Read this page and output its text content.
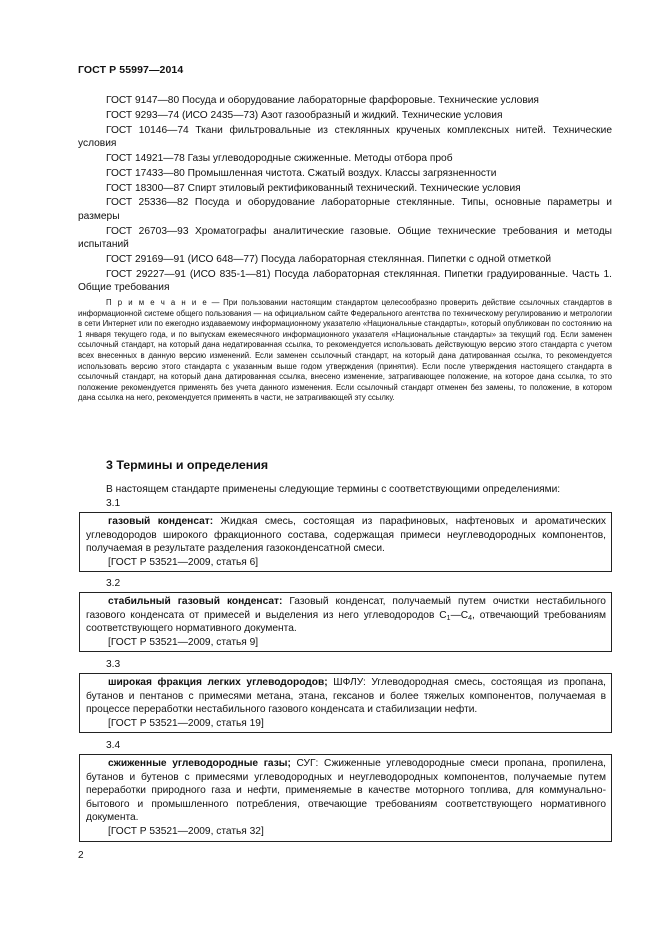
ГОСТ Р 55997—2014

ГОСТ 9147—80 Посуда и оборудование лабораторные фарфоровые. Технические условия

ГОСТ 9293—74 (ИСО 2435—73) Азот газообразный и жидкий. Технические условия

ГОСТ 10146—74 Ткани фильтровальные из стеклянных крученых комплексных нитей. Технические условия

ГОСТ 14921—78 Газы углеводородные сжиженные. Методы отбора проб

ГОСТ 17433—80 Промышленная чистота. Сжатый воздух. Классы загрязненности

ГОСТ 18300—87 Спирт этиловый ректификованный технический. Технические условия

ГОСТ 25336—82 Посуда и оборудование лабораторные стеклянные. Типы, основные параметры и размеры

ГОСТ 26703—93 Хроматографы аналитические газовые. Общие технические требования и методы испытаний

ГОСТ 29169—91 (ИСО 648—77) Посуда лабораторная стеклянная. Пипетки с одной отметкой

ГОСТ 29227—91 (ИСО 835-1—81) Посуда лабораторная стеклянная. Пипетки градуированные. Часть 1. Общие требования

П р и м е ч а н и е — При пользовании настоящим стандартом целесообразно проверить действие ссылочных стандартов в информационной системе общего пользования — на официальном сайте Федерального агентства по техническому регулированию и метрологии в сети Интернет или по ежегодно издаваемому информационному указателю «Национальные стандарты», который опубликован по состоянию на 1 января текущего года, и по выпускам ежемесячного информационного указателя «Национальные стандарты» за текущий год. Если заменен ссылочный стандарт, на который дана недатированная ссылка, то рекомендуется использовать действующую версию этого стандарта с учетом всех внесенных в данную версию изменений. Если заменен ссылочный стандарт, на который дана датированная ссылка, то рекомендуется использовать версию этого стандарта с указанным выше годом утверждения (принятия). Если после утверждения настоящего стандарта в ссылочный стандарт, на который дана датированная ссылка, внесено изменение, затрагивающее положение, на которое дана ссылка, то это положение рекомендуется применять без учета данного изменения. Если ссылочный стандарт отменен без замены, то положение, в котором дана ссылка на него, рекомендуется применять в части, не затрагивающей эту ссылку.

3 Термины и определения
В настоящем стандарте применены следующие термины с соответствующими определениями:
3.1

газовый конденсат: Жидкая смесь, состоящая из парафиновых, нафтеновых и ароматических углеводородов широкого фракционного состава, содержащая примеси неуглеводородных компонентов, получаемая в результате разделения газоконденсатной смеси.

[ГОСТ Р 53521—2009, статья 6]

3.2

стабильный газовый конденсат: Газовый конденсат, получаемый путем очистки нестабильного газового конденсата от примесей и выделения из него углеводородов $С_1—С_4$, отвечающий требованиям соответствующего нормативного документа.

[ГОСТ Р 53521—2009, статья 9]

3.3

широкая фракция легких углеводородов; ШФЛУ: Углеводородная смесь, состоящая из пропана, бутанов и пентанов с примесями метана, этана, гексанов и более тяжелых компонентов, получаемая в процессе переработки нестабильного газового конденсата и стабилизации нефти.

[ГОСТ Р 53521—2009, статья 19]

3.4

сжиженные углеводородные газы; СУГ: Сжиженные углеводородные смеси пропана, пропилена, бутанов и бутенов с примесями углеводородных и неуглеводородных компонентов, получаемые путем переработки природного газа и нефти, применяемые в качестве моторного топлива, для коммунально-бытового и промышленного потребления, отвечающие требованиям соответствующего нормативного документа.

[ГОСТ Р 53521—2009, статья 32]

2
